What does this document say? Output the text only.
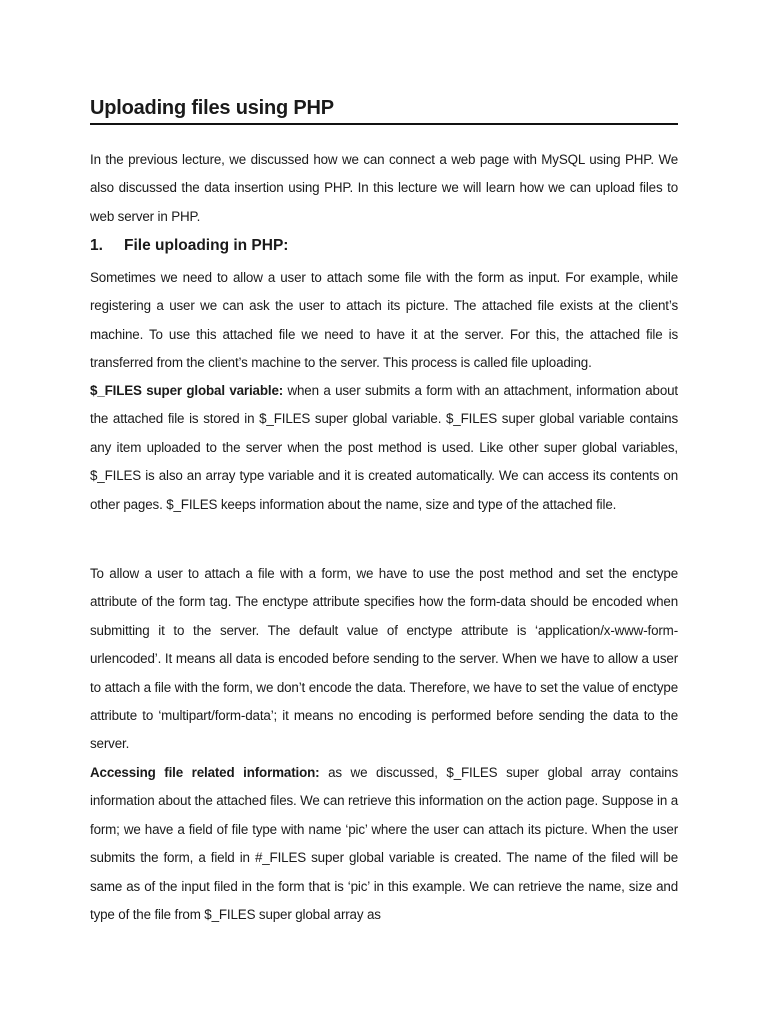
Uploading files using PHP

In the previous lecture, we discussed how we can connect a web page with MySQL using PHP. We also discussed the data insertion using PHP. In this lecture we will learn how we can upload files to web server in PHP.

1. File uploading in PHP:

Sometimes we need to allow a user to attach some file with the form as input. For example, while registering a user we can ask the user to attach its picture. The attached file exists at the client’s machine. To use this attached file we need to have it at the server. For this, the attached file is transferred from the client’s machine to the server. This process is called file uploading.

$_FILES super global variable: when a user submits a form with an attachment, information about the attached file is stored in $_FILES super global variable. $_FILES super global variable contains any item uploaded to the server when the post method is used. Like other super global variables, $_FILES is also an array type variable and it is created automatically. We can access its contents on other pages. $_FILES keeps information about the name, size and type of the attached file.

To allow a user to attach a file with a form, we have to use the post method and set the enctype attribute of the form tag. The enctype attribute specifies how the form-data should be encoded when submitting it to the server. The default value of enctype attribute is ‘application/x-www-form-urlencoded’. It means all data is encoded before sending to the server. When we have to allow a user to attach a file with the form, we don’t encode the data. Therefore, we have to set the value of enctype attribute to ‘multipart/form-data’; it means no encoding is performed before sending the data to the server.

Accessing file related information: as we discussed, $_FILES super global array contains information about the attached files. We can retrieve this information on the action page. Suppose in a form; we have a field of file type with name ‘pic’ where the user can attach its picture. When the user submits the form, a field in #_FILES super global variable is created. The name of the filed will be same as of the input filed in the form that is ‘pic’ in this example. We can retrieve the name, size and type of the file from $_FILES super global array as
